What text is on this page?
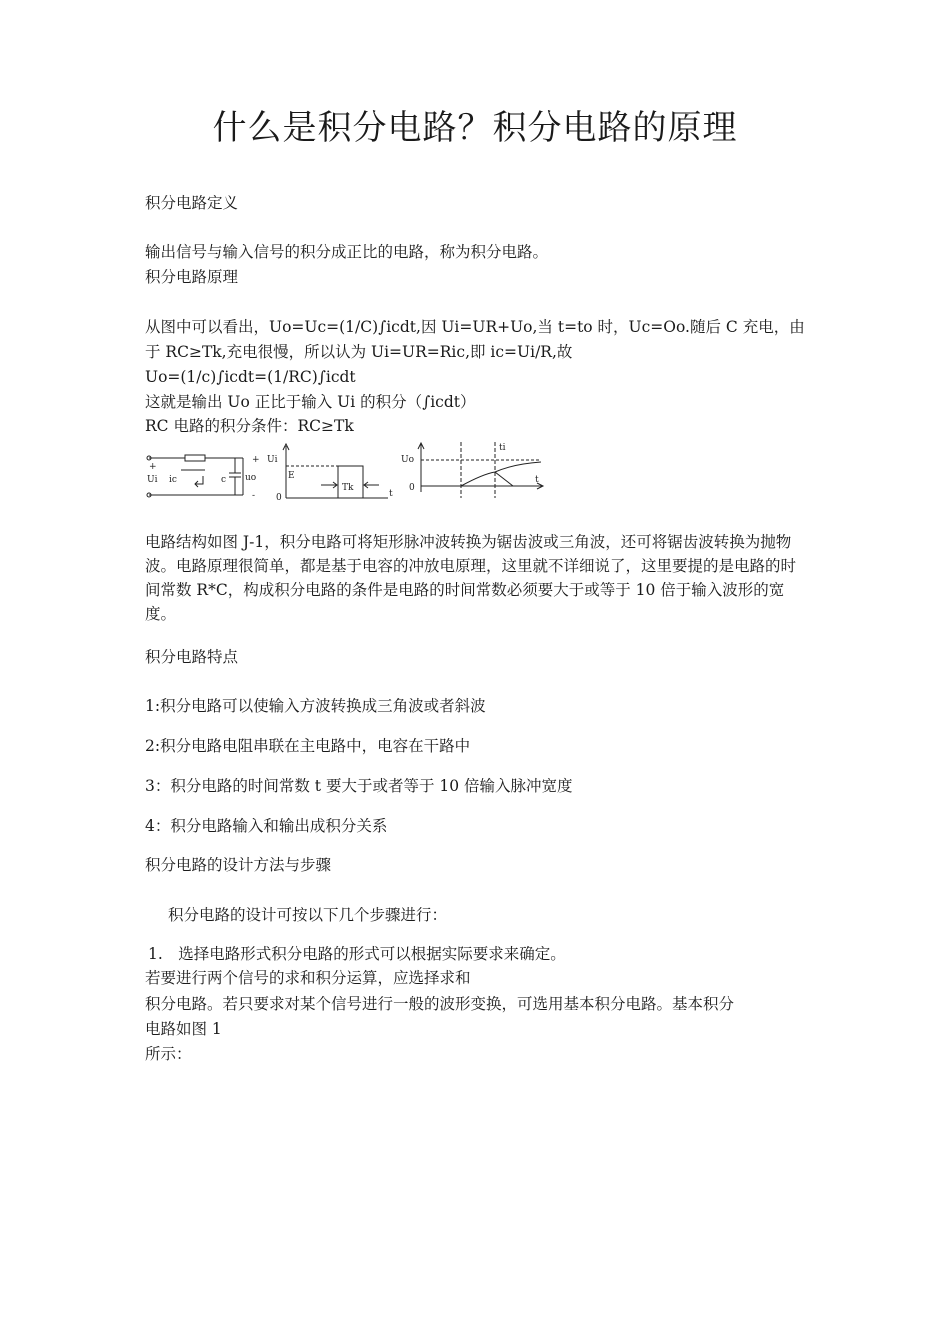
什么是积分电路？积分电路的原理

积分电路定义

输出信号与输入信号的积分成正比的电路，称为积分电路。

积分电路原理

从图中可以看出，Uo=Uc=(1/C)∫icdt,因 Ui=UR+Uo,当 t=to 时，Uc=Oo.随后 C 充电，由

于 RC≥Tk,充电很慢，所以认为 Ui=UR=Ric,即 ic=Ui/R,故

Uo=(1/c)∫icdt=(1/RC)∫icdt

这就是输出 Uo 正比于输入 Ui 的积分（∫icdt）

RC 电路的积分条件：RC≥Tk

+
Ui ic	c uo
+
-
Ui
E
Tk
0	t
Uo
0
ti
t

电路结构如图 J-1，积分电路可将矩形脉冲波转换为锯齿波或三角波，还可将锯齿波转换为抛物波。电路原理很简单，都是基于电容的冲放电原理，这里就不详细说了，这里要提的是电路的时间常数 R*C，构成积分电路的条件是电路的时间常数必须要大于或等于 10 倍于输入波形的宽度。

积分电路特点

1:积分电路可以使输入方波转换成三角波或者斜波

2:积分电路电阻串联在主电路中，电容在干路中

3：积分电路的时间常数 t 要大于或者等于 10 倍输入脉冲宽度

4：积分电路输入和输出成积分关系

积分电路的设计方法与步骤

积分电路的设计可按以下几个步骤进行：

1.　选择电路形式积分电路的形式可以根据实际要求来确定。

若要进行两个信号的求和积分运算，应选择求和

积分电路。若只要求对某个信号进行一般的波形变换，可选用基本积分电路。基本积分

电路如图 1

所示：
